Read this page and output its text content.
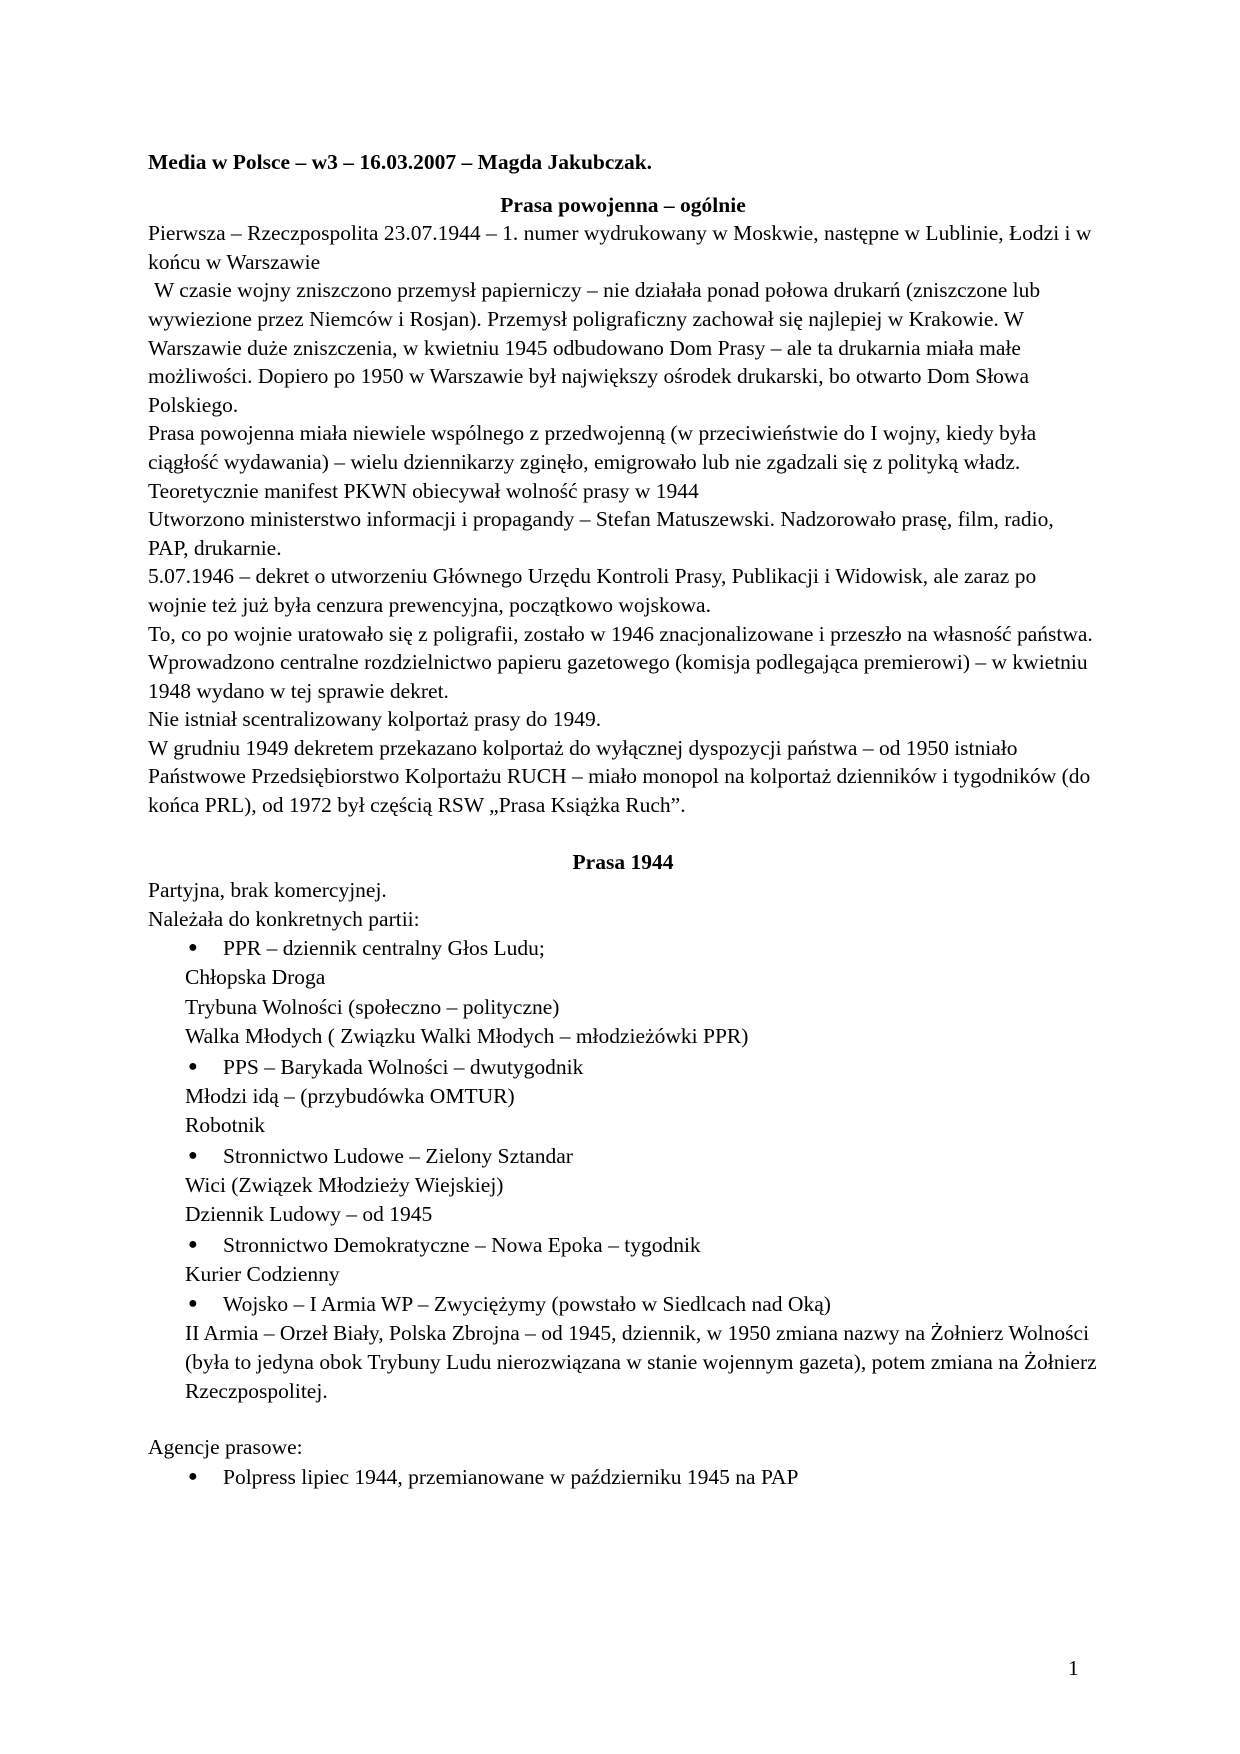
Media w Polsce – w3 – 16.03.2007 – Magda Jakubczak.

Prasa powojenna – ogólnie

Pierwsza – Rzeczpospolita 23.07.1944 – 1. numer wydrukowany w Moskwie, następne w Lublinie, Łodzi i w końcu w Warszawie

W czasie wojny zniszczono przemysł papierniczy – nie działała ponad połowa drukarń (zniszczone lub wywiezione przez Niemców i Rosjan). Przemysł poligraficzny zachował się najlepiej w Krakowie. W Warszawie duże zniszczenia, w kwietniu 1945 odbudowano Dom Prasy – ale ta drukarnia miała małe możliwości. Dopiero po 1950 w Warszawie był największy ośrodek drukarski, bo otwarto Dom Słowa Polskiego.

Prasa powojenna miała niewiele wspólnego z przedwojenną (w przeciwieństwie do I wojny, kiedy była ciągłość wydawania) – wielu dziennikarzy zginęło, emigrowało lub nie zgadzali się z polityką władz.

Teoretycznie manifest PKWN obiecywał wolność prasy w 1944

Utworzono ministerstwo informacji i propagandy – Stefan Matuszewski. Nadzorowało prasę, film, radio, PAP, drukarnie.

5.07.1946 – dekret o utworzeniu Głównego Urzędu Kontroli Prasy, Publikacji i Widowisk, ale zaraz po wojnie też już była cenzura prewencyjna, początkowo wojskowa.

To, co po wojnie uratowało się z poligrafii, zostało w 1946 znacjonalizowane i przeszło na własność państwa.

Wprowadzono centralne rozdzielnictwo papieru gazetowego (komisja podlegająca premierowi) – w kwietniu 1948 wydano w tej sprawie dekret.

Nie istniał scentralizowany kolportaż prasy do 1949.

W grudniu 1949 dekretem przekazano kolportaż do wyłącznej dyspozycji państwa – od 1950 istniało Państwowe Przedsiębiorstwo Kolportażu RUCH – miało monopol na kolportaż dzienników i tygodników (do końca PRL), od 1972 był częścią RSW „Prasa Książka Ruch”.

Prasa 1944

Partyjna, brak komercyjnej.

Należała do konkretnych partii:

● PPR – dziennik centralny Głos Ludu;

Chłopska Droga

Trybuna Wolności (społeczno – polityczne)

Walka Młodych ( Związku Walki Młodych – młodzieżówki PPR)

● PPS – Barykada Wolności – dwutygodnik

Młodzi idą – (przybudówka OMTUR)

Robotnik

● Stronnictwo Ludowe – Zielony Sztandar

Wici (Związek Młodzieży Wiejskiej)

Dziennik Ludowy – od 1945

● Stronnictwo Demokratyczne – Nowa Epoka – tygodnik

Kurier Codzienny

● Wojsko – I Armia WP – Zwyciężymy (powstało w Siedlcach nad Oką)

II Armia – Orzeł Biały, Polska Zbrojna – od 1945, dziennik, w 1950 zmiana nazwy na Żołnierz Wolności (była to jedyna obok Trybuny Ludu nierozwiązana w stanie wojennym gazeta), potem zmiana na Żołnierz Rzeczpospolitej.

Agencje prasowe:

● Polpress lipiec 1944, przemianowane w październiku 1945 na PAP
1
